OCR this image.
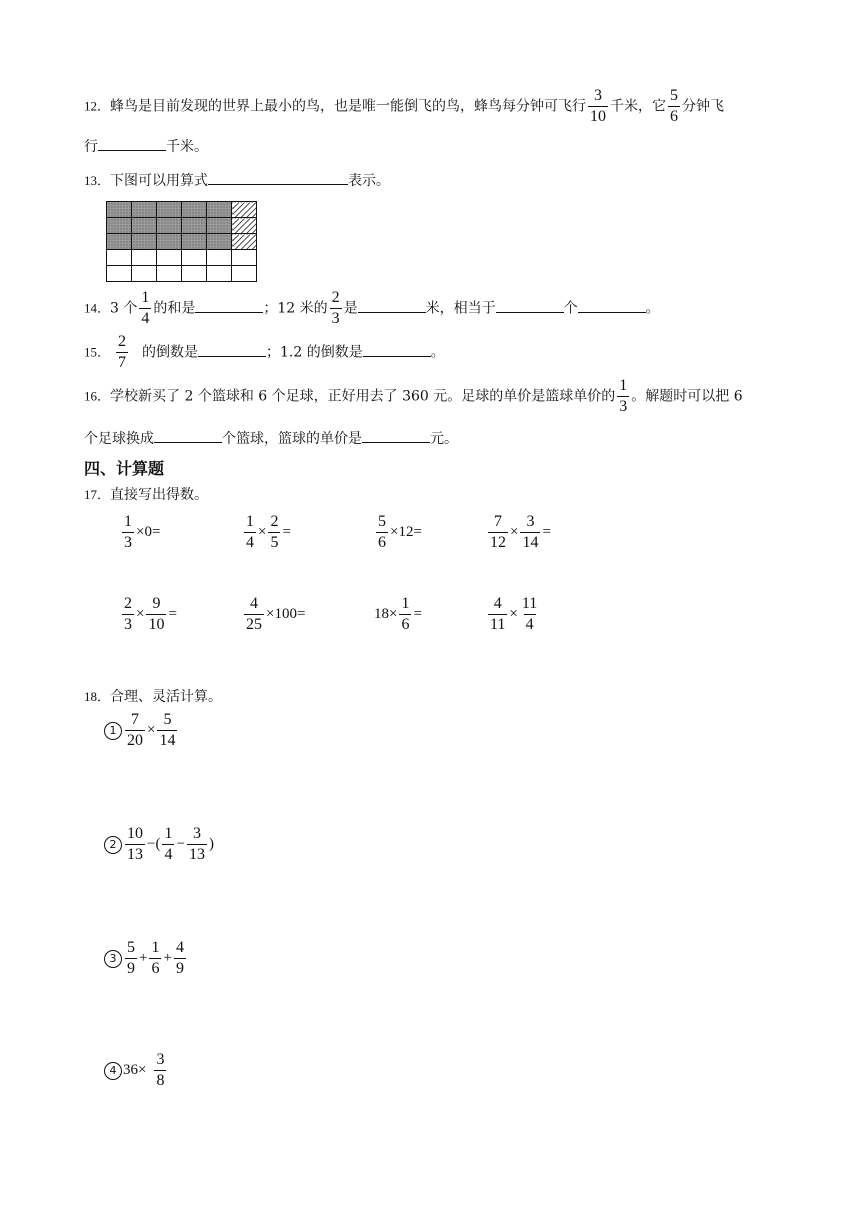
12．蜂鸟是目前发现的世界上最小的鸟，也是唯一能倒飞的鸟，蜂鸟每分钟可飞行 $\frac{3}{10}$ 千米，它 $\frac{5}{6}$ 分钟飞
行	千米。
13．下图可以用算式	表示。

14．3 个 $\frac{1}{4}$ 的和是	；12 米的 $\frac{2}{3}$ 是	米，相当于	个	。
15． $\frac{2}{7}$ 的倒数是	；1.2 的倒数是	。
16．学校新买了 2 个篮球和 6 个足球，正好用去了 360 元。足球的单价是篮球单价的 $\frac{1}{3}$ 。解题时可以把 6
个足球换成	个篮球，篮球的单价是	元。
四、计算题
17．直接写出得数。
$\frac{1}{3} \times 0=$	$\frac{1}{4} \times \frac{2}{5}$ =	$\frac{5}{6} \times 12=$	$\frac{7}{12} \times \frac{3}{14}$ =
$\frac{2}{3} \times \frac{9}{10}$ =	$\frac{4}{25} \times 100=$	$18\times \frac{1}{6}$ =	$\frac{4}{11} \times \frac{11}{4}$
18．合理、灵活计算。
$1 \frac{7}{20} \times \frac{5}{14}$
$2 \frac{10}{13}$ −( $\frac{1}{4} - \frac{3}{13}$ )
$3 \frac{5}{9} + \frac{1}{6} + \frac{4}{9}$
4 $36\times \frac{3}{8}$
